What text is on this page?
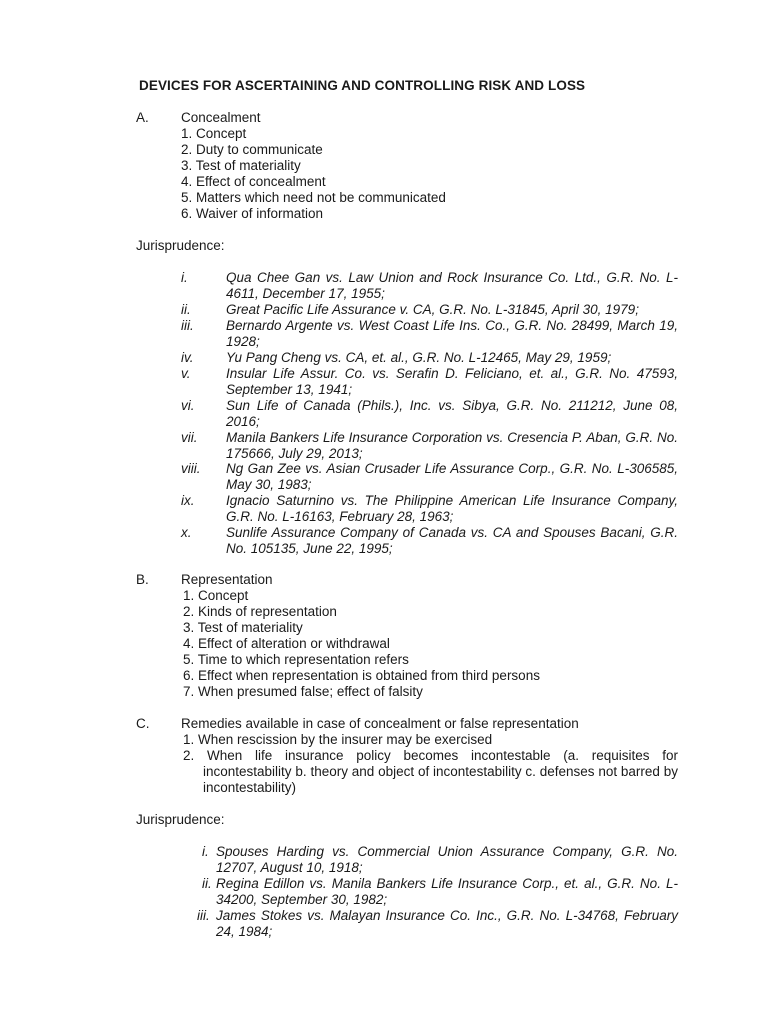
DEVICES FOR ASCERTAINING AND CONTROLLING RISK AND LOSS
A. Concealment
1. Concept
2. Duty to communicate
3. Test of materiality
4. Effect of concealment
5. Matters which need not be communicated
6. Waiver of information
Jurisprudence:
i.	Qua Chee Gan vs. Law Union and Rock Insurance Co. Ltd., G.R. No. L-4611, December 17, 1955;
ii.	Great Pacific Life Assurance v. CA, G.R. No. L-31845, April 30, 1979;
iii. Bernardo Argente vs. West Coast Life Ins. Co., G.R. No. 28499, March 19, 1928;
iv. Yu Pang Cheng vs. CA, et. al., G.R. No. L-12465, May 29, 1959;
v.	Insular Life Assur. Co. vs. Serafin D. Feliciano, et. al., G.R. No. 47593, September 13, 1941;
vi. Sun Life of Canada (Phils.), Inc. vs. Sibya, G.R. No. 211212, June 08, 2016;
vii. Manila Bankers Life Insurance Corporation vs. Cresencia P. Aban, G.R. No. 175666, July 29, 2013;
viii. Ng Gan Zee vs. Asian Crusader Life Assurance Corp., G.R. No. L-306585, May 30, 1983;
ix. Ignacio Saturnino vs. The Philippine American Life Insurance Company, G.R. No. L-16163, February 28, 1963;
x.	Sunlife Assurance Company of Canada vs. CA and Spouses Bacani, G.R. No. 105135, June 22, 1995;
B. Representation
1. Concept
2. Kinds of representation
3. Test of materiality
4. Effect of alteration or withdrawal
5. Time to which representation refers
6. Effect when representation is obtained from third persons
7. When presumed false; effect of falsity
C. Remedies available in case of concealment or false representation
1. When rescission by the insurer may be exercised
2. When life insurance policy becomes incontestable (a. requisites for incontestability b. theory and object of incontestability c. defenses not barred by incontestability)
Jurisprudence:
i. Spouses Harding vs. Commercial Union Assurance Company, G.R. No. 12707, August 10, 1918;
ii. Regina Edillon vs. Manila Bankers Life Insurance Corp., et. al., G.R. No. L-34200, September 30, 1982;
iii. James Stokes vs. Malayan Insurance Co. Inc., G.R. No. L-34768, February 24, 1984;
